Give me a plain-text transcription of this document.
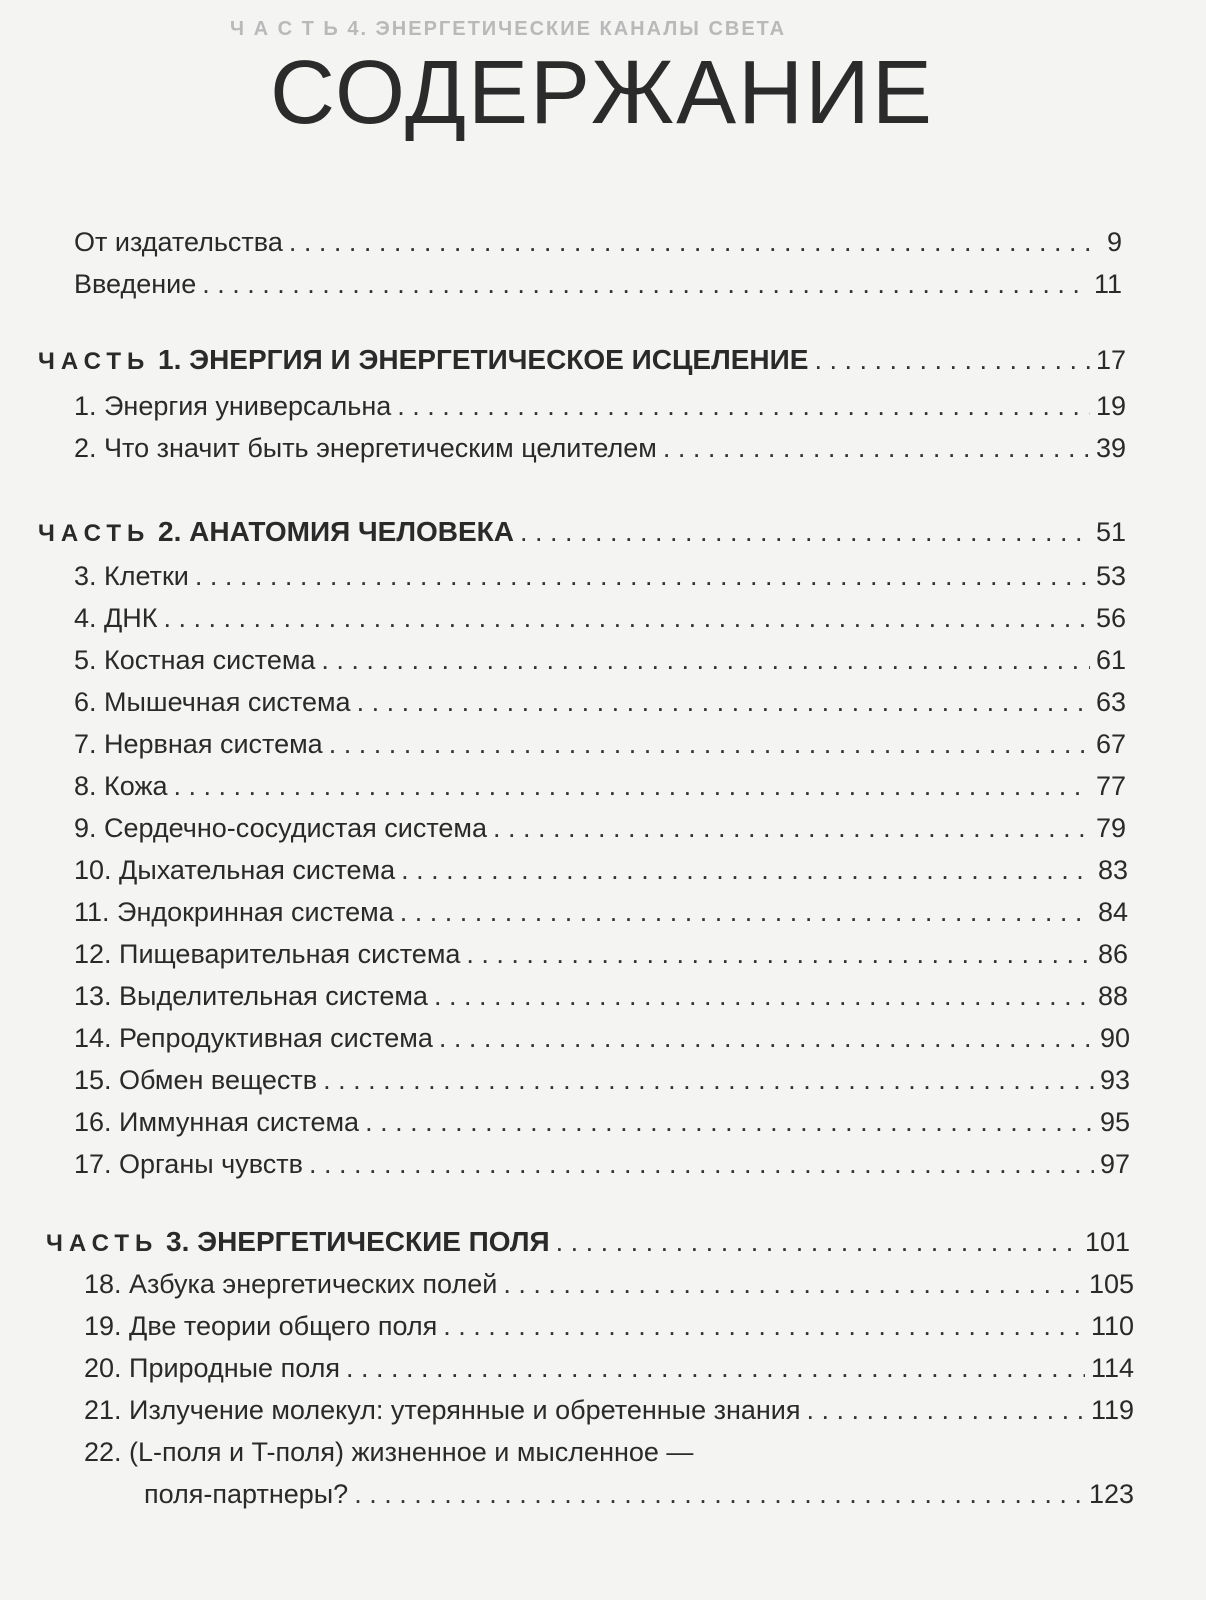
Ч А С Т Ь 4. ЭНЕРГЕТИЧЕСКИЕ КАНАЛЫ СВЕТА
СОДЕРЖАНИЕ
От издательства . . .	9
Введение . . .	11
ЧАСТЬ 1. ЭНЕРГИЯ И ЭНЕРГЕТИЧЕСКОЕ ИСЦЕЛЕНИЕ . . .	17
1. Энергия универсальна . . .	19
2. Что значит быть энергетическим целителем . . .	39
ЧАСТЬ 2. АНАТОМИЯ ЧЕЛОВЕКА . . .	51
3. Клетки . . .	53
4. ДНК . . .	56
5. Костная система . . .	61
6. Мышечная система . . .	63
7. Нервная система . . .	67
8. Кожа . . .	77
9. Сердечно-сосудистая система . . .	79
10. Дыхательная система . . .	83
11. Эндокринная система . . .	84
12. Пищеварительная система . . .	86
13. Выделительная система . . .	88
14. Репродуктивная система . . .	90
15. Обмен веществ . . .	93
16. Иммунная система . . .	95
17. Органы чувств . . .	97
ЧАСТЬ 3. ЭНЕРГЕТИЧЕСКИЕ ПОЛЯ . . .	101
18. Азбука энергетических полей . . .	105
19. Две теории общего поля . . .	110
20. Природные поля . . .	114
21. Излучение молекул: утерянные и обретенные знания . . .	119
22. (L-поля и T-поля) жизненное и мысленное —
поля-партнеры? . . .	123
